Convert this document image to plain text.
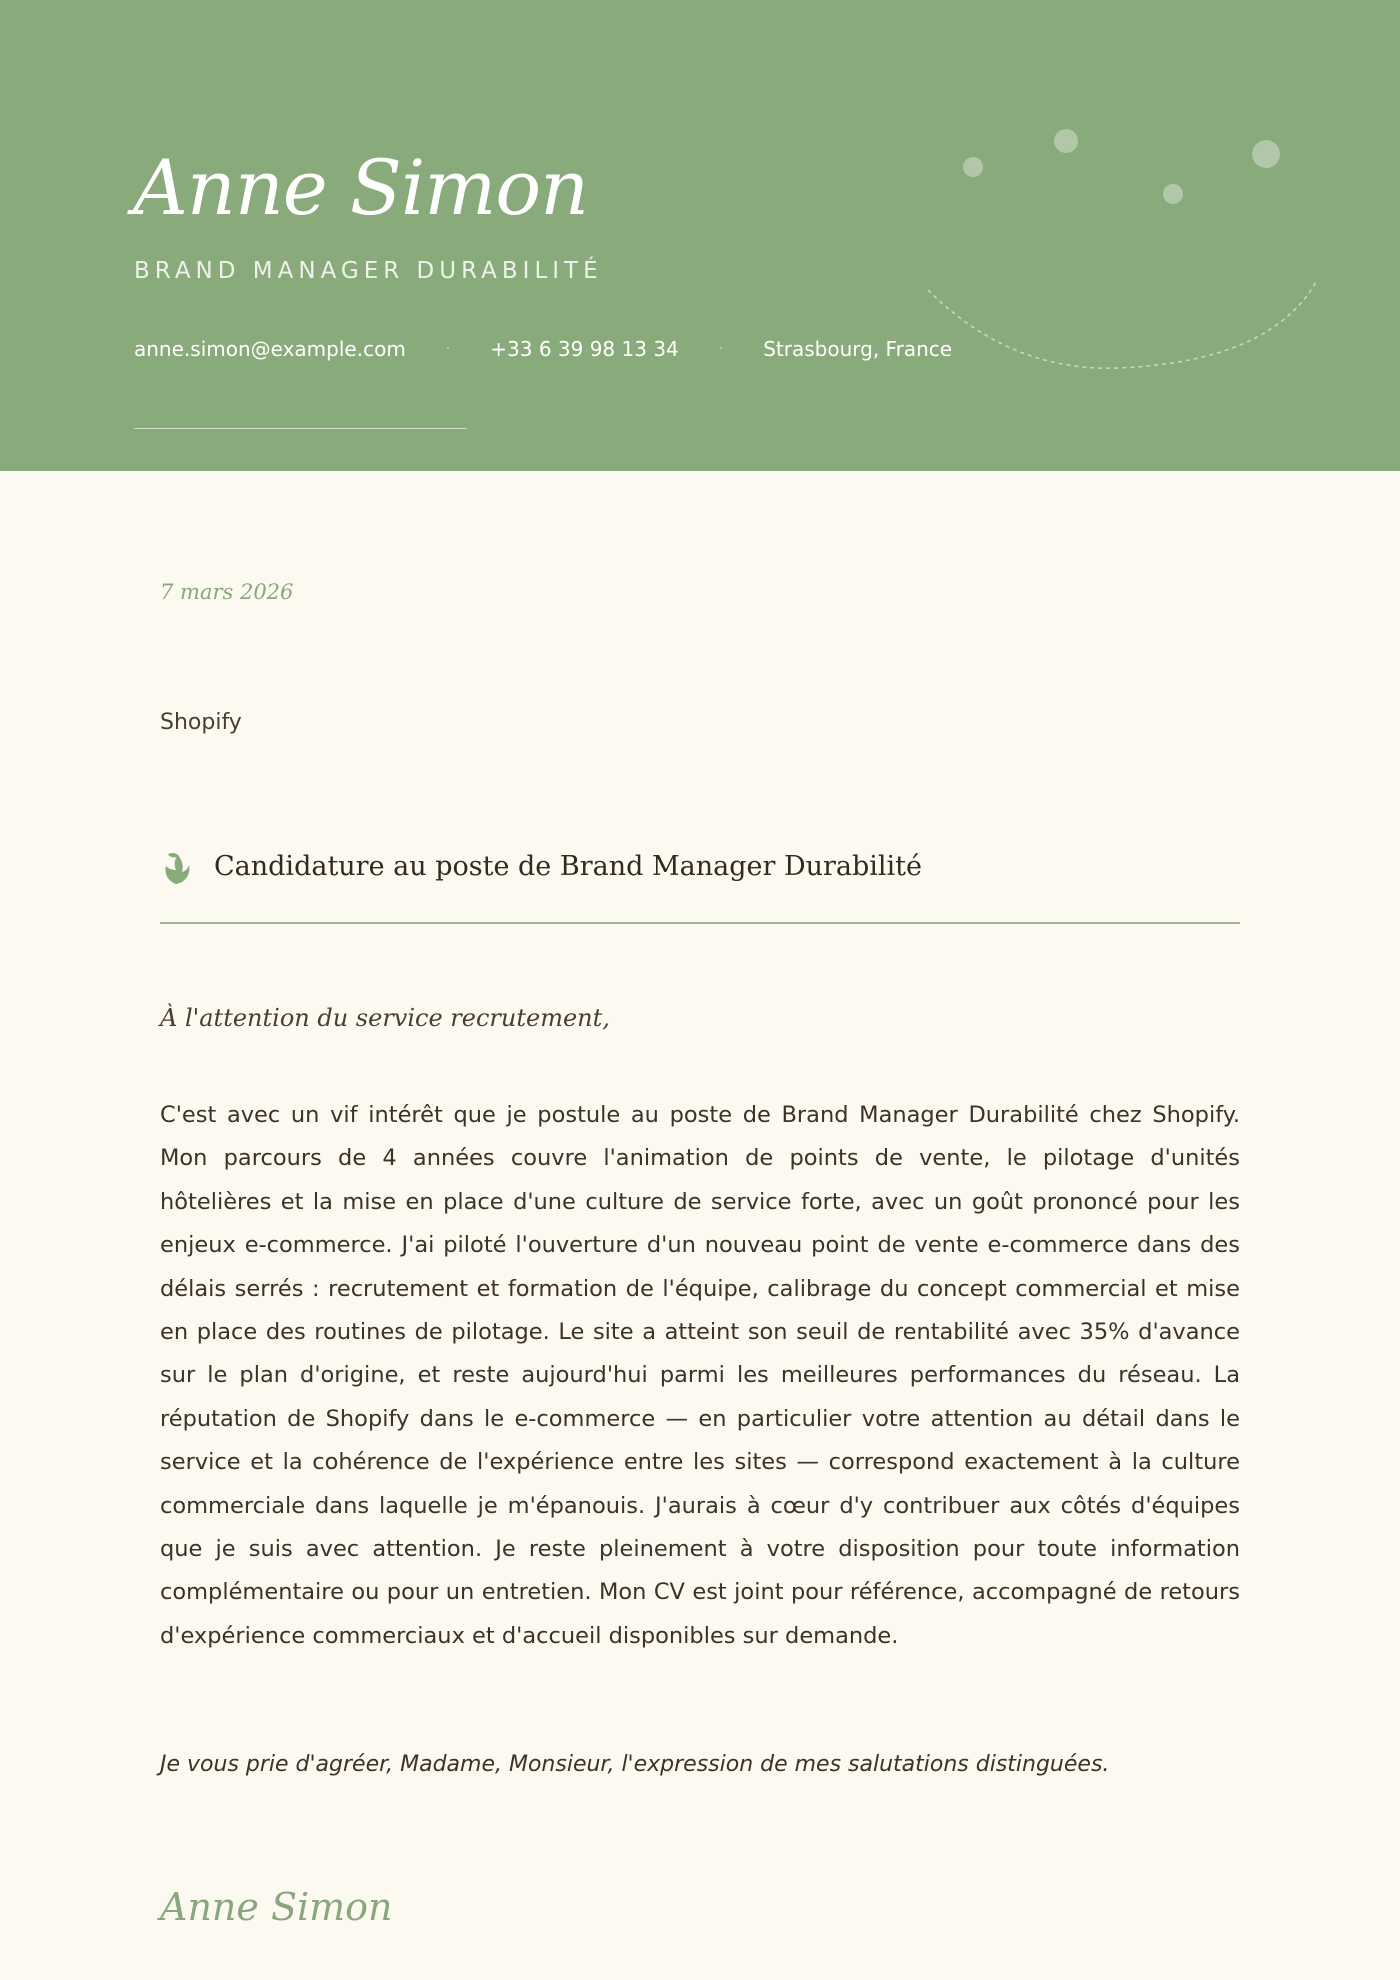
Anne Simon
BRAND MANAGER DURABILITÉ
anne.simon@example.com	· +33 6 39 98 13 34	· Strasbourg, France
7 mars 2026
Shopify
Candidature au poste de Brand Manager Durabilité
À l'attention du service recrutement,

C'est avec un vif intérêt que je postule au poste de Brand Manager Durabilité chez Shopify. Mon parcours de 4 années couvre l'animation de points de vente, le pilotage d'unités hôtelières et la mise en place d'une culture de service forte, avec un goût prononcé pour les enjeux e-commerce. J'ai piloté l'ouverture d'un nouveau point de vente e-commerce dans des délais serrés : recrutement et formation de l'équipe, calibrage du concept commercial et mise en place des routines de pilotage. Le site a atteint son seuil de rentabilité avec 35% d'avance sur le plan d'origine, et reste aujourd'hui parmi les meilleures performances du réseau. La réputation de Shopify dans le e-commerce — en particulier votre attention au détail dans le service et la cohérence de l'expérience entre les sites — correspond exactement à la culture commerciale dans laquelle je m'épanouis. J'aurais à cœur d'y contribuer aux côtés d'équipes que je suis avec attention. Je reste pleinement à votre disposition pour toute information complémentaire ou pour un entretien. Mon CV est joint pour référence, accompagné de retours d'expérience commerciaux et d'accueil disponibles sur demande.

Je vous prie d'agréer, Madame, Monsieur, l'expression de mes salutations distinguées.
Anne Simon
